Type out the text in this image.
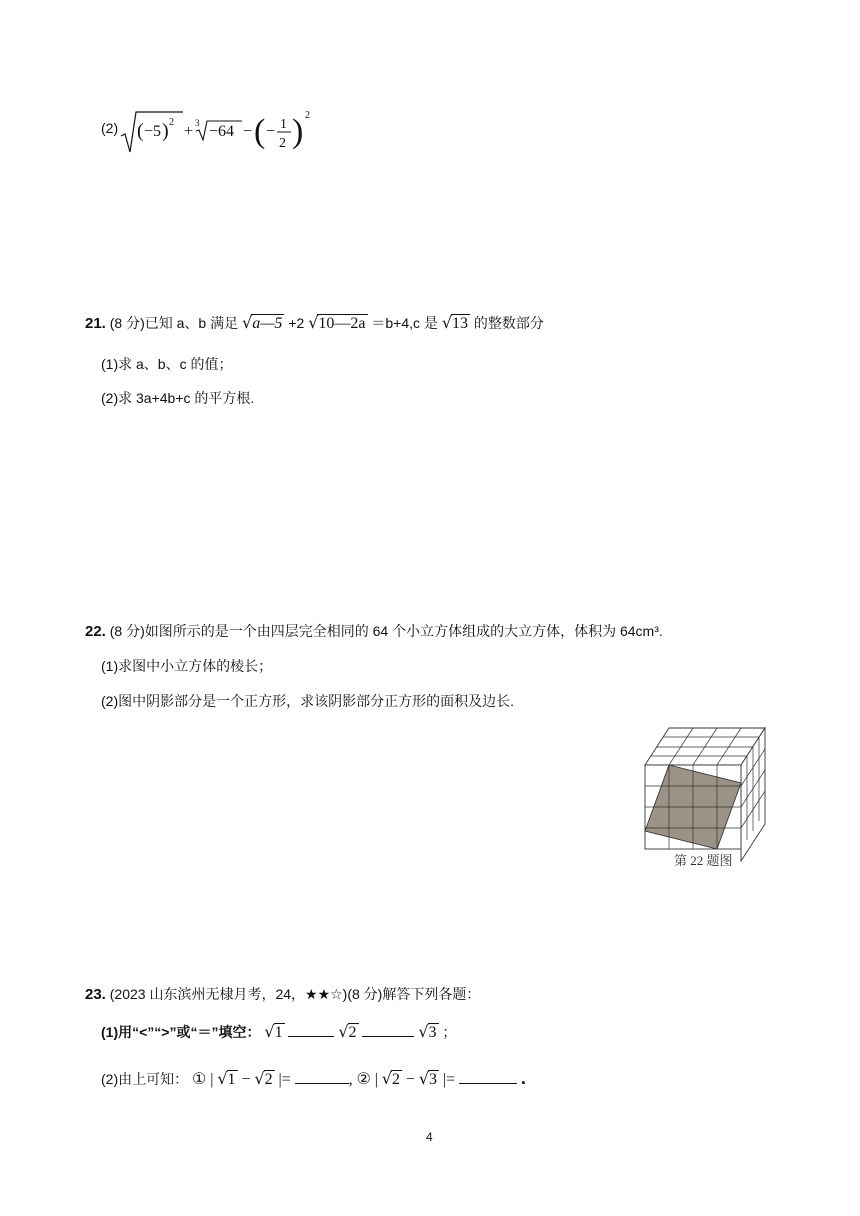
(2) ( −5 ) 2
+ 3 −64 − ( − 1
2 ) 2
21. (8 分)已知 a、b 满足 √a—5 +2 √10—2a ＝b+4,c 是 √13 的整数部分
(1)求 a、b、c 的值；
(2)求 3a+4b+c 的平方根.
22. (8 分)如图所示的是一个由四层完全相同的 64 个小立方体组成的大立方体，体积为 64cm³.
(1)求图中小立方体的棱长；
(2)图中阴影部分是一个正方形，求该阴影部分正方形的面积及边长.
第 22 题图
23. (2023 山东滨州无棣月考，24，★★☆)(8 分)解答下列各题：
(1)用“<”“>”或“＝”填空： √1	√2	√3 ；
(2)由上可知： ① | √1 − √2 |=	, ② | √2 − √3 |=	.
4
